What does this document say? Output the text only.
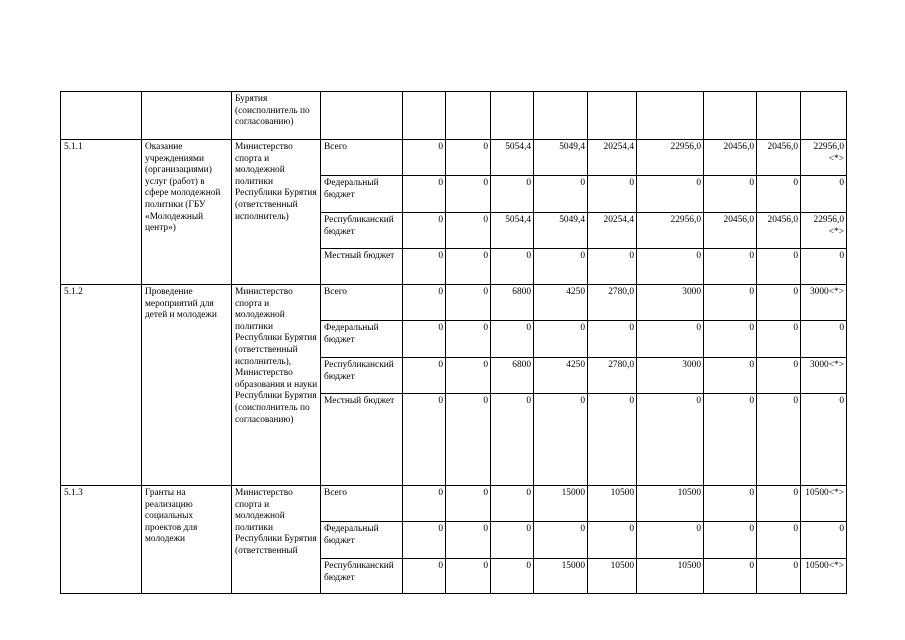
		Бурятия (соисполнитель по согласованию)										
5.1.1	Оказание учреждениями (организациями) услуг (работ) в сфере молодежной политики (ГБУ «Молодежный центр»)	Министерство спорта и молодежной политики Республики Бурятия (ответственный исполнитель)	Всего	0	0	5054,4	5049,4	20254,4	22956,0	20456,0	20456,0	22956,0 <*>
			Федеральный бюджет	0	0	0	0	0	0	0	0	0
			Республиканский бюджет	0	0	5054,4	5049,4	20254,4	22956,0	20456,0	20456,0	22956,0 <*>
			Местный бюджет	0	0	0	0	0	0	0	0	0
5.1.2	Проведение мероприятий для детей и молодежи	Министерство спорта и молодежной политики Республики Бурятия (ответственный исполнитель), Министерство образования и науки Республики Бурятия (соисполнитель по согласованию)	Всего	0	0	6800	4250	2780,0	3000	0	0	3000<*>
			Федеральный бюджет	0	0	0	0	0	0	0	0	0
			Республиканский бюджет	0	0	6800	4250	2780,0	3000	0	0	3000<*>
			Местный бюджет	0	0	0	0	0	0	0	0	0
5.1.3	Гранты на реализацию социальных проектов для молодежи	Министерство спорта и молодежной политики Республики Бурятия (ответственный	Всего	0	0	0	15000	10500	10500	0	0	10500<*>
			Федеральный бюджет	0	0	0	0	0	0	0	0	0
			Республиканский бюджет	0	0	0	15000	10500	10500	0	0	10500<*>
